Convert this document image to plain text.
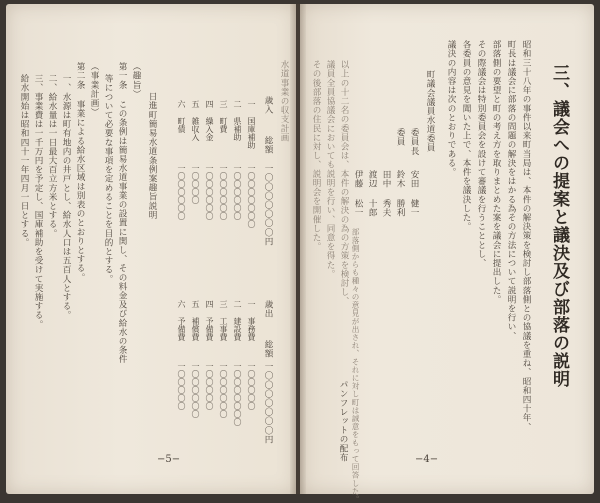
三、議会への提案と議決及び部落の説明
昭和三十八年の事件以来町当局は、本件の解決策を検討し部落側との協議を重ね、昭和四十年、
町長は議会に部落の問題の解決をはかる為その方法について説明を行い、
部落側の要望と町の考え方を取りまとめた案を議会に提出した。
その際議会は特別委員会を設けて審議を行うこととし、
各委員の意見を聞いた上で、本件を議決した。
議決の内容は次のとおりである。
町議会議員水道委員
委員長
委員
安田 健一
鈴木 勝利
田中 秀夫
渡辺 十郎
伊藤 松一
以上の十二名の委員会は、本件の解決の為の方策を検討し、
議員全員協議会においても説明を行い、同意を得た。
その後部落の住民に対し、説明会を開催した。
部落側からも種々の意見が出され、それに対し町は誠意をもって回答した。
パンフレットの配布	−4−
水道事業の収支計画
歳入
総額
一〇〇〇〇〇〇〇円
一 国庫補助
一〇〇〇〇〇〇〇
二 県補助
一〇〇〇〇〇〇
三 町費
一〇〇〇〇〇〇
四 繰入金
一〇〇〇〇〇〇
五 雑収入
一〇〇〇〇
六 町債
一〇〇〇〇〇〇
歳出
総額
一〇〇〇〇〇〇〇円
一 事務費
一〇〇〇〇〇
二 建設費
一〇〇〇〇〇〇〇
三 工事費
一〇〇〇〇〇〇
四 予備費
一〇〇〇〇〇
五 補償費
一〇〇〇〇〇〇
六 予備費
一〇〇〇〇〇
日進町簡易水道条例案趣旨説明
（趣旨）
第一条 この条例は簡易水道事業の設置に関し、その料金及び給水の条件
等について必要な事項を定めることを目的とする。
（事業計画）
第二条 事業による給水区域は別表のとおりとする。
一、水源は町有地内の井戸とし、給水人口は五百人とする。
二、給水量は一日最大百立方米とする。
三、事業費は一千万円を予定し、国庫補助を受けて実施する。
給水開始は昭和四十一年四月一日とする。
−5−
